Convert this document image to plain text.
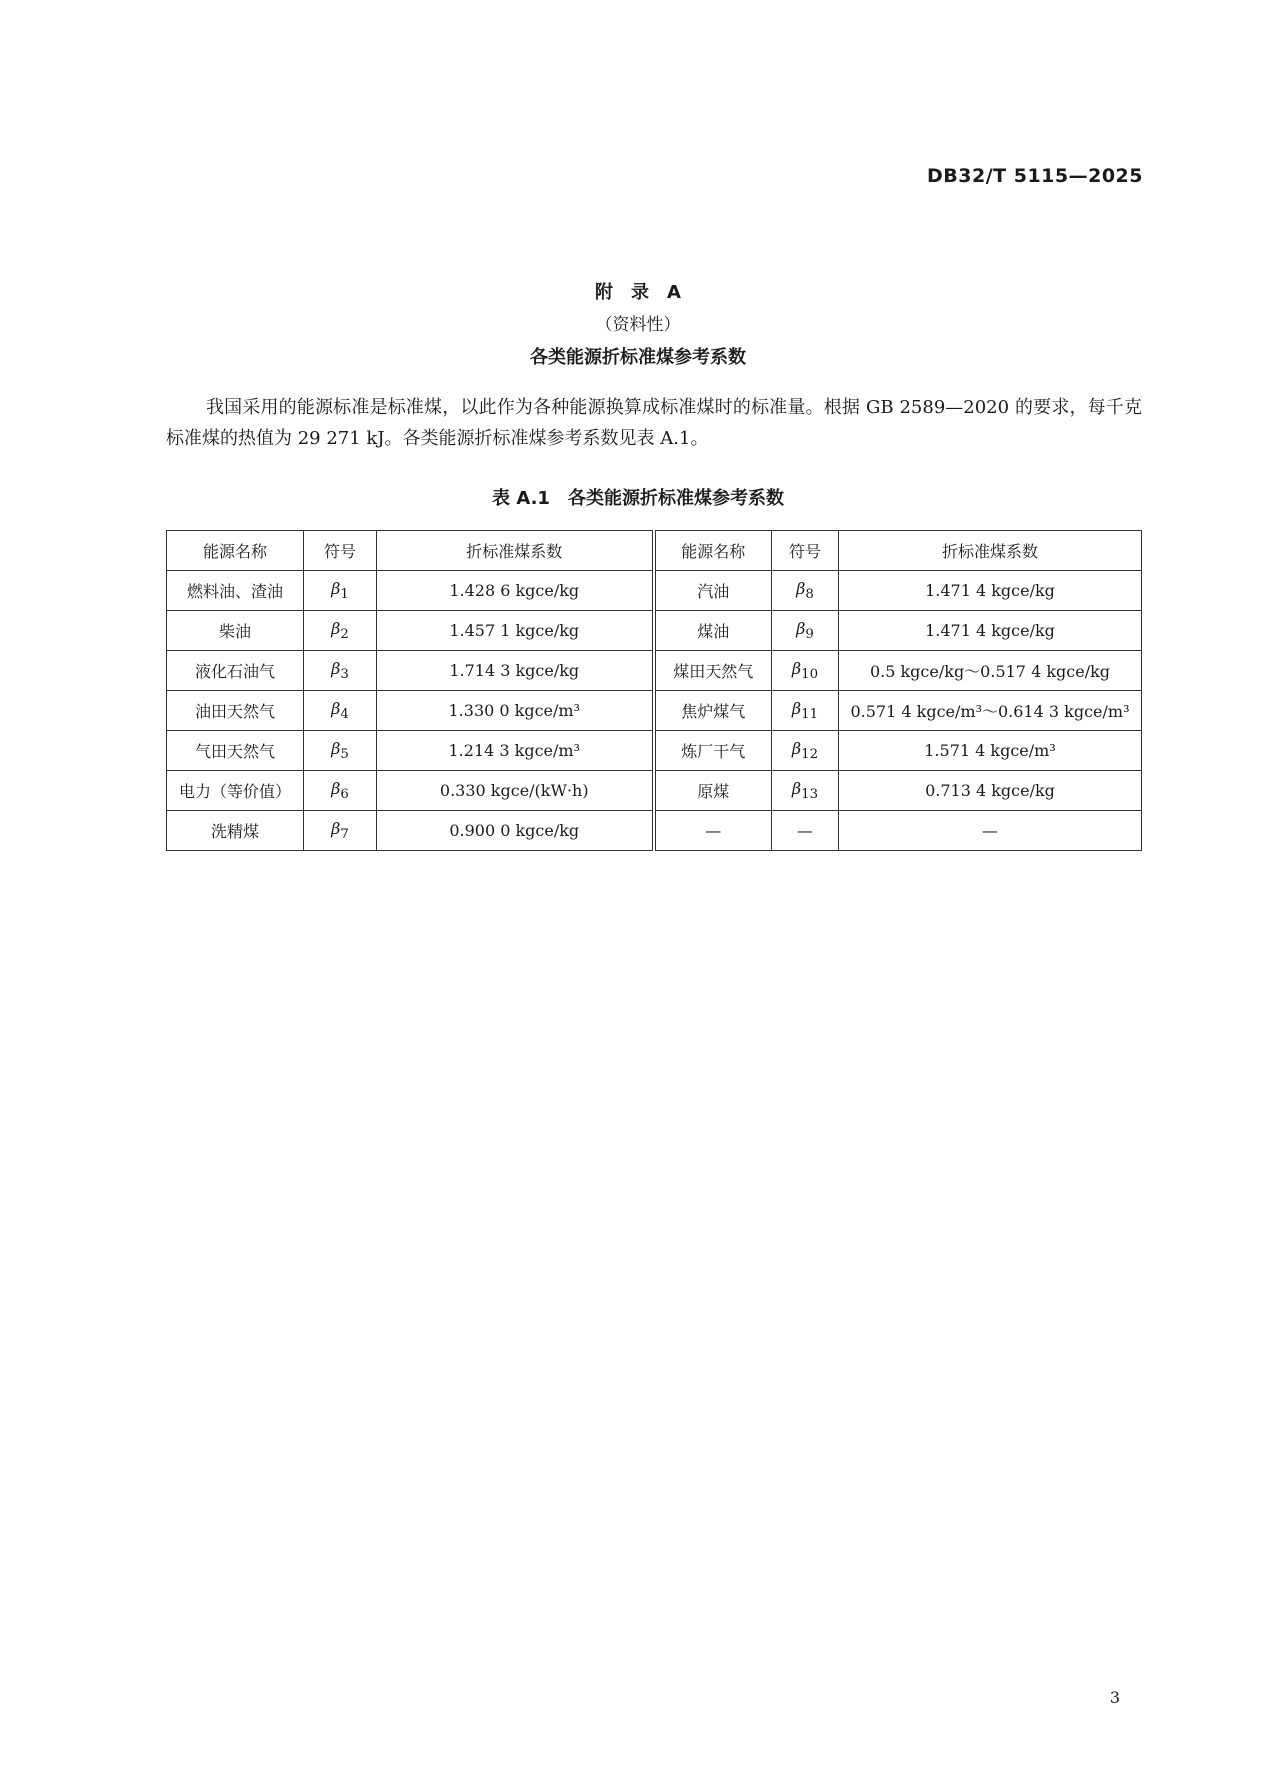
DB32/T 5115—2025
附　录　A
（资料性）
各类能源折标准煤参考系数
我国采用的能源标准是标准煤，以此作为各种能源换算成标准煤时的标准量。根据 GB 2589—2020 的要求，每千克标准煤的热值为 29 271 kJ。各类能源折标准煤参考系数见表 A.1。
表 A.1　各类能源折标准煤参考系数
能源名称	符号	折标准煤系数	能源名称	符号	折标准煤系数
燃料油、渣油	$\beta_1$	1.428 6 kgce/kg	汽油	$\beta_8$	1.471 4 kgce/kg
柴油	$\beta_2$	1.457 1 kgce/kg	煤油	$\beta_9$	1.471 4 kgce/kg
液化石油气	$\beta_3$	1.714 3 kgce/kg	煤田天然气	$\beta_{10}$	0.5 kgce/kg～0.517 4 kgce/kg
油田天然气	$\beta_4$	1.330 0 kgce/m³	焦炉煤气	$\beta_{11}$	0.571 4 kgce/m³～0.614 3 kgce/m³
气田天然气	$\beta_5$	1.214 3 kgce/m³	炼厂干气	$\beta_{12}$	1.571 4 kgce/m³
电力（等价值）	$\beta_6$	0.330 kgce/(kW·h)	原煤	$\beta_{13}$	0.713 4 kgce/kg
洗精煤	$\beta_7$	0.900 0 kgce/kg	—	—	—
3
